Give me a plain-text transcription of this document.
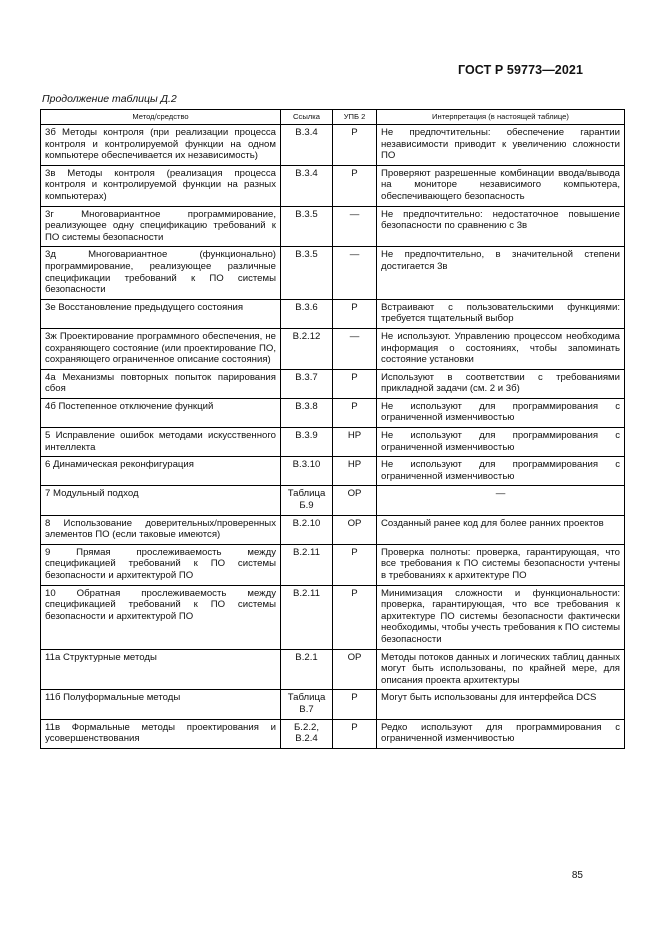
ГОСТ Р 59773—2021
Продолжение таблицы Д.2
Метод/средство	Ссылка	УПБ 2	Интерпретация (в настоящей таблице)
3б Методы контроля (при реализации процесса контроля и контролируемой функции на одном компьютере обеспечивается их независимость)	В.3.4	Р	Не предпочтительны: обеспечение гарантии независимости приводит к увеличению сложности ПО
3в Методы контроля (реализация процесса контроля и контролируемой функции на разных компьютерах)	В.3.4	Р	Проверяют разрешенные комбинации ввода/вывода на мониторе независимого компьютера, обеспечивающего безопасность
3г Многовариантное программирование, реализующее одну спецификацию требований к ПО системы безопасности	В.3.5	—	Не предпочтительно: недостаточное повышение безопасности по сравнению с 3в
3д Многовариантное (функционально) программирование, реализующее различные спецификации требований к ПО системы безопасности	В.3.5	—	Не предпочтительно, в значительной степени достигается 3в
3е Восстановление предыдущего состояния	В.3.6	Р	Встраивают с пользовательскими функциями: требуется тщательный выбор
3ж Проектирование программного обеспечения, не сохраняющего состояние (или проектирование ПО, сохраняющего ограниченное описание состояния)	В.2.12	—	Не используют. Управлению процессом необходима информация о состояниях, чтобы запоминать состояние установки
4а Механизмы повторных попыток парирования сбоя	В.3.7	Р	Используют в соответствии с требованиями прикладной задачи (см. 2 и 3б)
4б Постепенное отключение функций	В.3.8	Р	Не используют для программирования с ограниченной изменчивостью
5 Исправление ошибок методами искусственного интеллекта	В.3.9	НР	Не используют для программирования с ограниченной изменчивостью
6 Динамическая реконфигурация	В.3.10	НР	Не используют для программирования с ограниченной изменчивостью
7 Модульный подход	Таблица Б.9	ОР	—
8 Использование доверительных/проверенных элементов ПО (если таковые имеются)	В.2.10	ОР	Созданный ранее код для более ранних проектов
9 Прямая прослеживаемость между спецификацией требований к ПО системы безопасности и архитектурой ПО	В.2.11	Р	Проверка полноты: проверка, гарантирующая, что все требования к ПО системы безопасности учтены в требованиях к архитектуре ПО
10 Обратная прослеживаемость между спецификацией требований к ПО системы безопасности и архитектурой ПО	В.2.11	Р	Минимизация сложности и функциональности: проверка, гарантирующая, что все требования к архитектуре ПО системы безопасности фактически необходимы, чтобы учесть требования к ПО системы безопасности
11а Структурные методы	В.2.1	ОР	Методы потоков данных и логических таблиц данных могут быть использованы, по крайней мере, для описания проекта архитектуры
11б Полуформальные методы	Таблица В.7	Р	Могут быть использованы для интерфейса DCS
11в Формальные методы проектирования и усовершенствования	Б.2.2, В.2.4	Р	Редко используют для программирования с ограниченной изменчивостью
85
